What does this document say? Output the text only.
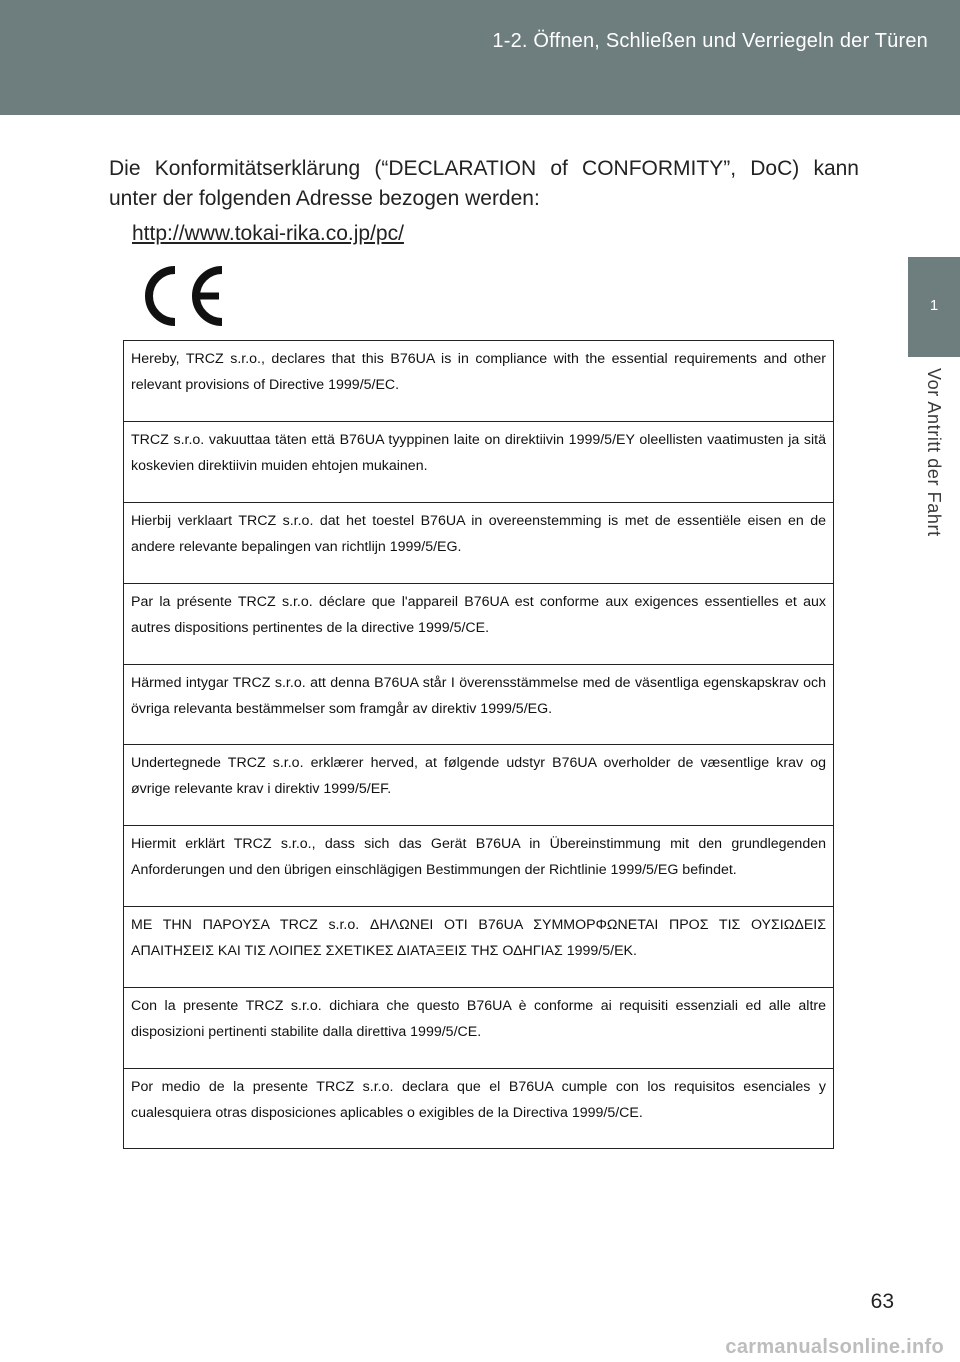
1-2. Öffnen, Schließen und Verriegeln der Türen
1
Vor Antritt der Fahrt
Die Konformitätserklärung (“DECLARATION of CONFORMITY”, DoC) kann unter der folgenden Adresse bezogen werden:
http://www.tokai-rika.co.jp/pc/
Hereby, TRCZ s.r.o., declares that this B76UA is in compliance with the essential requirements and other relevant provisions of Directive 1999/5/EC.
TRCZ s.r.o. vakuuttaa täten että B76UA tyyppinen laite on direktiivin 1999/5/EY oleellisten vaatimusten ja sitä koskevien direktiivin muiden ehtojen mukainen.
Hierbij verklaart TRCZ s.r.o. dat het toestel B76UA in overeenstemming is met de essentiële eisen en de andere relevante bepalingen van richtlijn 1999/5/EG.
Par la présente TRCZ s.r.o. déclare que l'appareil B76UA est conforme aux exigences essentielles et aux autres dispositions pertinentes de la directive 1999/5/CE.
Härmed intygar TRCZ s.r.o. att denna B76UA står I överensstämmelse med de väsentliga egenskapskrav och övriga relevanta bestämmelser som framgår av direktiv 1999/5/EG.
Undertegnede TRCZ s.r.o. erklærer herved, at følgende udstyr B76UA overholder de væsentlige krav og øvrige relevante krav i direktiv 1999/5/EF.
Hiermit erklärt TRCZ s.r.o., dass sich das Gerät B76UA in Übereinstimmung mit den grundlegenden Anforderungen und den übrigen einschlägigen Bestimmungen der Richtlinie 1999/5/EG befindet.
ΜΕ ΤΗΝ ΠΑΡΟΥΣΑ TRCZ s.r.o. ΔΗΛΩΝΕΙ ΟΤΙ B76UA ΣΥΜΜΟΡΦΩΝΕΤΑΙ ΠΡΟΣ ΤΙΣ ΟΥΣΙΩΔΕΙΣ ΑΠΑΙΤΗΣΕΙΣ ΚΑΙ ΤΙΣ ΛΟΙΠΕΣ ΣΧΕΤΙΚΕΣ ΔΙΑΤΑΞΕΙΣ ΤΗΣ ΟΔΗΓΙΑΣ 1999/5/ΕΚ.
Con la presente TRCZ s.r.o. dichiara che questo B76UA è conforme ai requisiti essenziali ed alle altre disposizioni pertinenti stabilite dalla direttiva 1999/5/CE.
Por medio de la presente TRCZ s.r.o. declara que el B76UA cumple con los requisitos esenciales y cualesquiera otras disposiciones aplicables o exigibles de la Directiva 1999/5/CE.
63
carmanualsonline.info
